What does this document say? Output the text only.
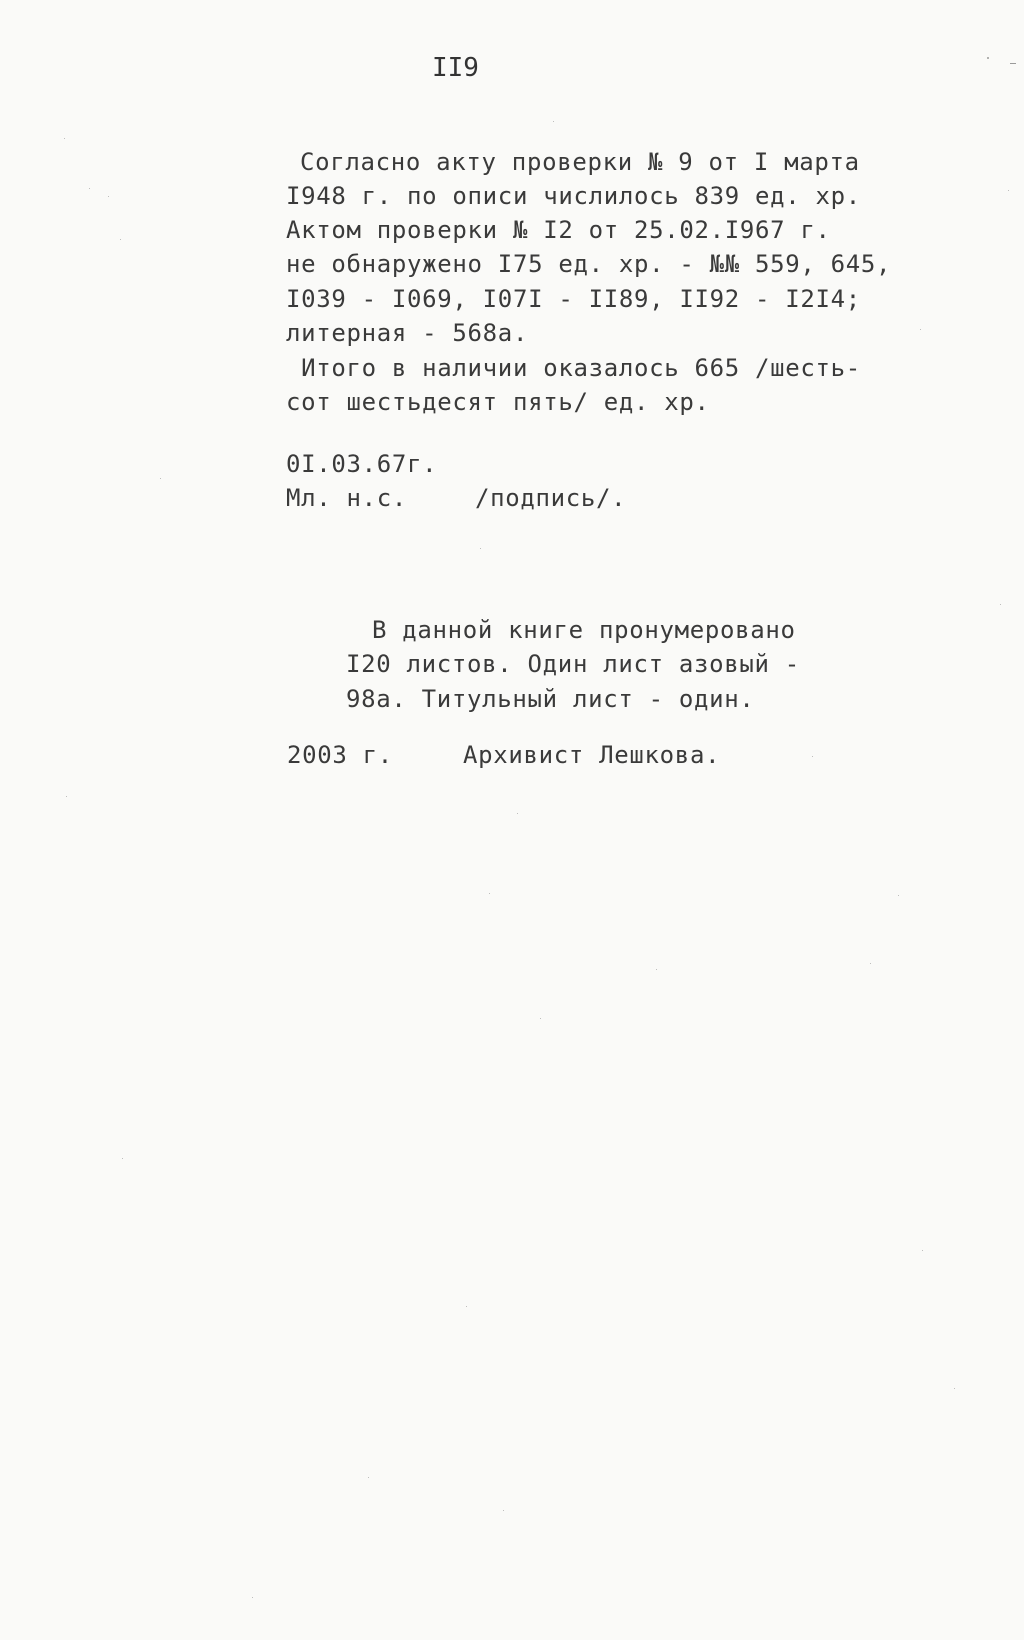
II9

Согласно акту проверки № 9 от I марта

I948 г. по описи числилось 839 ед. хр.

Актом проверки № I2 от 25.02.I967 г.

не обнаружено I75 ед. хр. - №№ 559, 645,

I039 - I069, I07I - II89, II92 - I2I4;

литерная - 568а.

Итого в наличии оказалось 665 /шесть-

сот шестьдесят пять/ ед. хр.

0I.03.67г.

Мл. н.с.	/подпись/.

В данной книге пронумеровано

I20 листов. Один лист азовый -

98а. Титульный лист - один.

2003 г.	Архивист Лешкова.
